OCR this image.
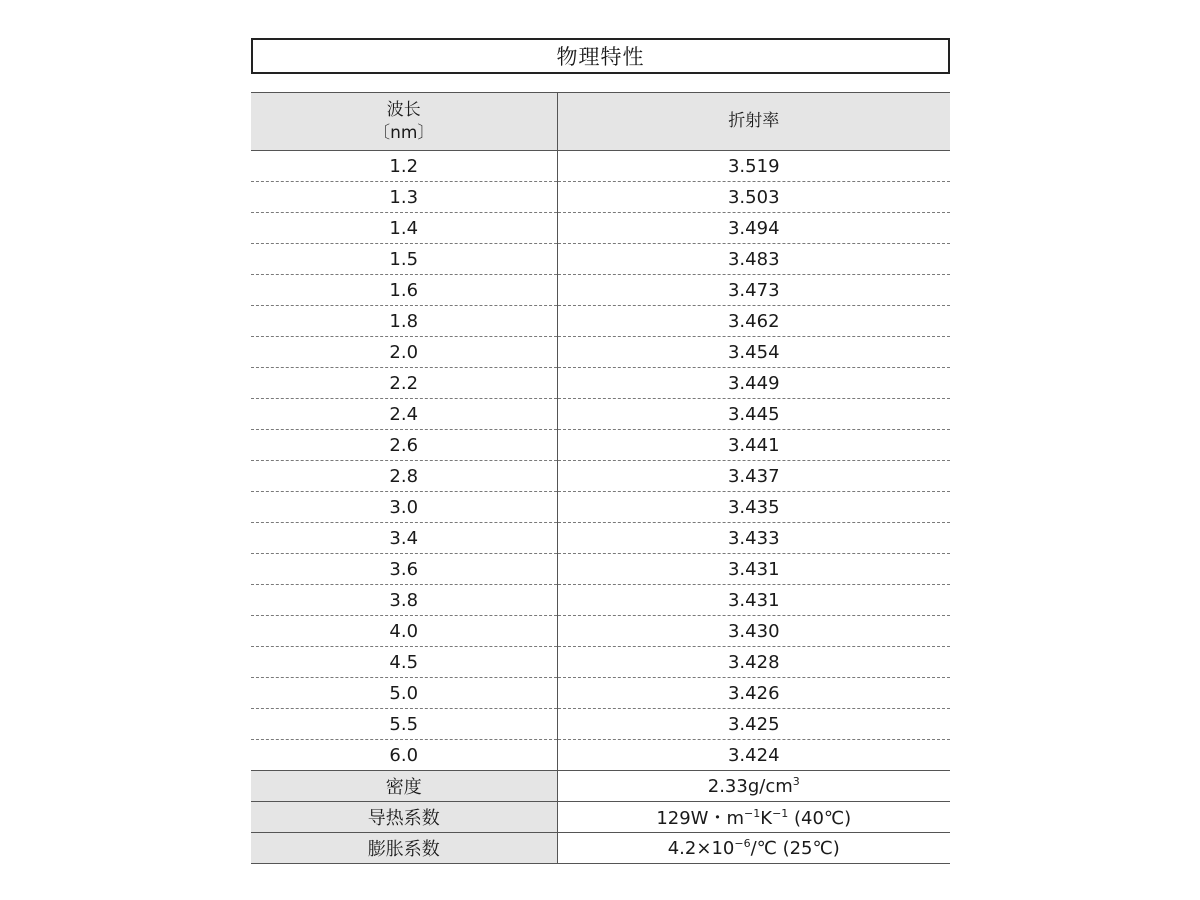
物理特性
波长
〔nm〕	折射率
1.2	3.519
1.3	3.503
1.4	3.494
1.5	3.483
1.6	3.473
1.8	3.462
2.0	3.454
2.2	3.449
2.4	3.445
2.6	3.441
2.8	3.437
3.0	3.435
3.4	3.433
3.6	3.431
3.8	3.431
4.0	3.430
4.5	3.428
5.0	3.426
5.5	3.425
6.0	3.424
密度	$2.33g/cm^3$
导热系数	129W・$m^{-1}K^{-1}$ (40℃)
膨胀系数	$4.2\times 10^{-6}/℃$ (25℃)
